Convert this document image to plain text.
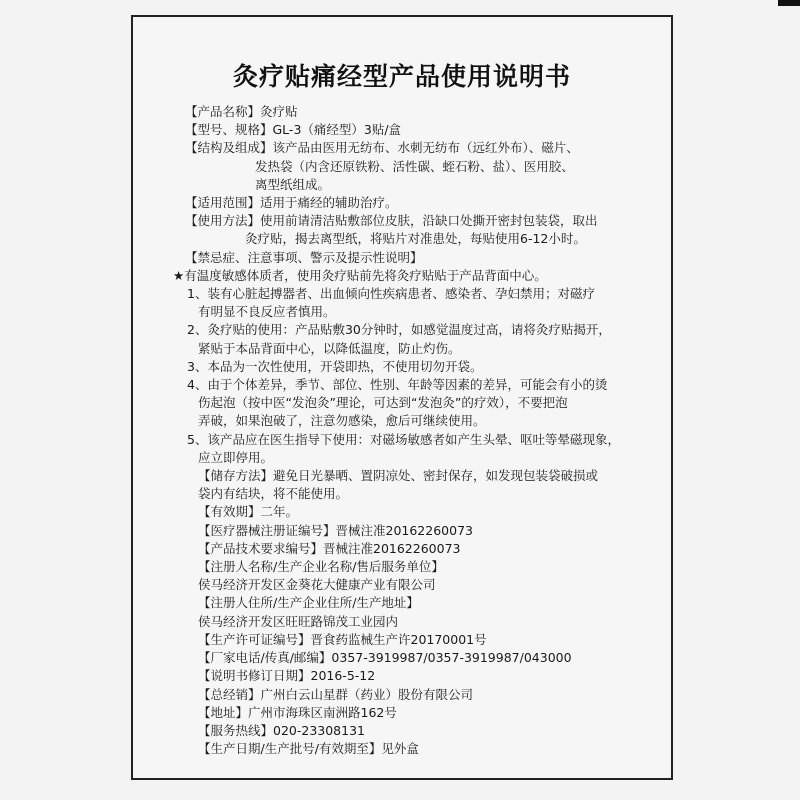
灸疗贴痛经型产品使用说明书
【产品名称】灸疗贴
【型号、规格】GL-3（痛经型）3贴/盒
【结构及组成】该产品由医用无纺布、水刺无纺布（远红外布）、磁片、
发热袋（内含还原铁粉、活性碳、蛭石粉、盐）、医用胶、
离型纸组成。
【适用范围】适用于痛经的辅助治疗。
【使用方法】使用前请清洁贴敷部位皮肤，沿缺口处撕开密封包装袋，取出
灸疗贴，揭去离型纸，将贴片对准患处，每贴使用6-12小时。
【禁忌症、注意事项、警示及提示性说明】
★有温度敏感体质者，使用灸疗贴前先将灸疗贴贴于产品背面中心。
1、装有心脏起搏器者、出血倾向性疾病患者、感染者、孕妇禁用；对磁疗
有明显不良反应者慎用。
2、灸疗贴的使用：产品贴敷30分钟时，如感觉温度过高，请将灸疗贴揭开，
紧贴于本品背面中心，以降低温度，防止灼伤。
3、本品为一次性使用，开袋即热，不使用切勿开袋。
4、由于个体差异，季节、部位、性别、年龄等因素的差异，可能会有小的烫
伤起泡（按中医“发泡灸”理论，可达到“发泡灸”的疗效），不要把泡
弄破，如果泡破了，注意勿感染，愈后可继续使用。
5、该产品应在医生指导下使用：对磁场敏感者如产生头晕、呕吐等晕磁现象，
应立即停用。
【储存方法】避免日光暴晒、置阴凉处、密封保存，如发现包装袋破损或
袋内有结块，将不能使用。
【有效期】二年。
【医疗器械注册证编号】晋械注准20162260073
【产品技术要求编号】晋械注准20162260073
【注册人名称/生产企业名称/售后服务单位】
侯马经济开发区金葵花大健康产业有限公司
【注册人住所/生产企业住所/生产地址】
侯马经济开发区旺旺路锦茂工业园内
【生产许可证编号】晋食药监械生产许20170001号
【厂家电话/传真/邮编】0357-3919987/0357-3919987/043000
【说明书修订日期】2016-5-12
【总经销】广州白云山星群（药业）股份有限公司
【地址】广州市海珠区南洲路162号
【服务热线】020-23308131
【生产日期/生产批号/有效期至】见外盒
